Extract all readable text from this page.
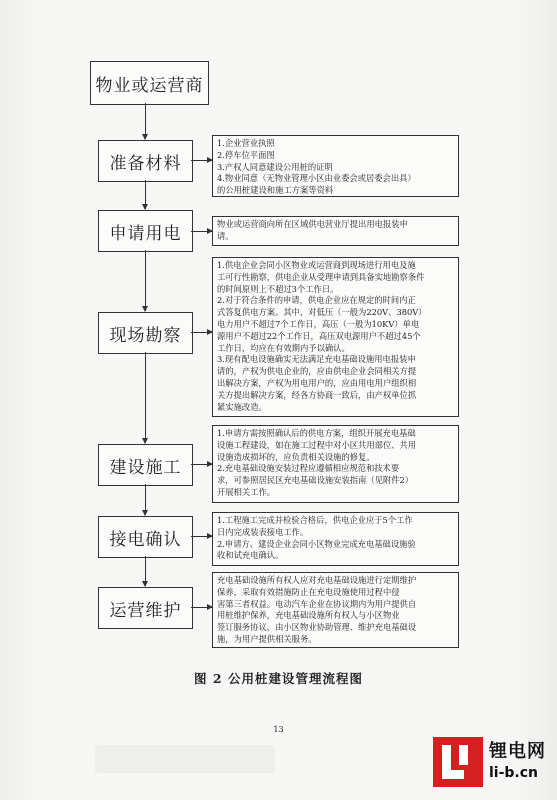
物业或运营商
准备材料
申请用电
现场勘察
建设施工
接电确认
运营维护
1.企业营业执照
2.停车位平面图
3.产权人同意建设公用桩的证明
4.物业同意（无物业管理小区由业委会或居委会出具）
的公用桩建设和施工方案等资料
物业或运营商向所在区域供电营业厅提出用电报装申
请。
1.供电企业会同小区物业或运营商到现场进行用电及施
工可行性勘察，供电企业从受理申请到具备实地勘察条件
的时间原则上不超过3个工作日。
2.对于符合条件的申请，供电企业应在规定的时间内正
式答复供电方案。其中，对低压（一般为220V、380V）
电力用户不超过7个工作日，高压（一般为10KV）单电
源用户不超过22个工作日，高压双电源用户不超过45个
工作日，均应在有效期内予以确认。
3.现有配电设施确实无法满足充电基础设施用电报装申
请的，产权为供电企业的，应由供电企业会同相关方提
出解决方案，产权为用电用户的，应由用电用户组织相
关方提出解决方案，经各方协商一致后，由产权单位抓
紧实施改造。
1.申请方需按照确认后的供电方案，组织开展充电基础
设施工程建设，如在施工过程中对小区共用部位、共用
设施造成损坏的，应负责相关设施的修复。
2.充电基础设施安装过程应遵循相应规范和技术要
求，可参照居民区充电基础设施安装指南（见附件2）
开展相关工作。
1.工程施工完成并检验合格后，供电企业应于5个工作
日内完成装表接电工作。
2.申请方、建设企业会同小区物业完成充电基础设施验
收和试充电确认。
充电基础设施所有权人应对充电基础设施进行定期维护
保养，采取有效措施防止在充电设施使用过程中侵
害第三者权益。电动汽车企业在协议期内为用户提供自
用桩维护保养，充电基础设施所有权人与小区物业
签订服务协议，由小区物业协助管理、维护充电基础设
施，为用户提供相关服务。
图 2 公用桩建设管理流程图
13
锂电网
li-b.cn
